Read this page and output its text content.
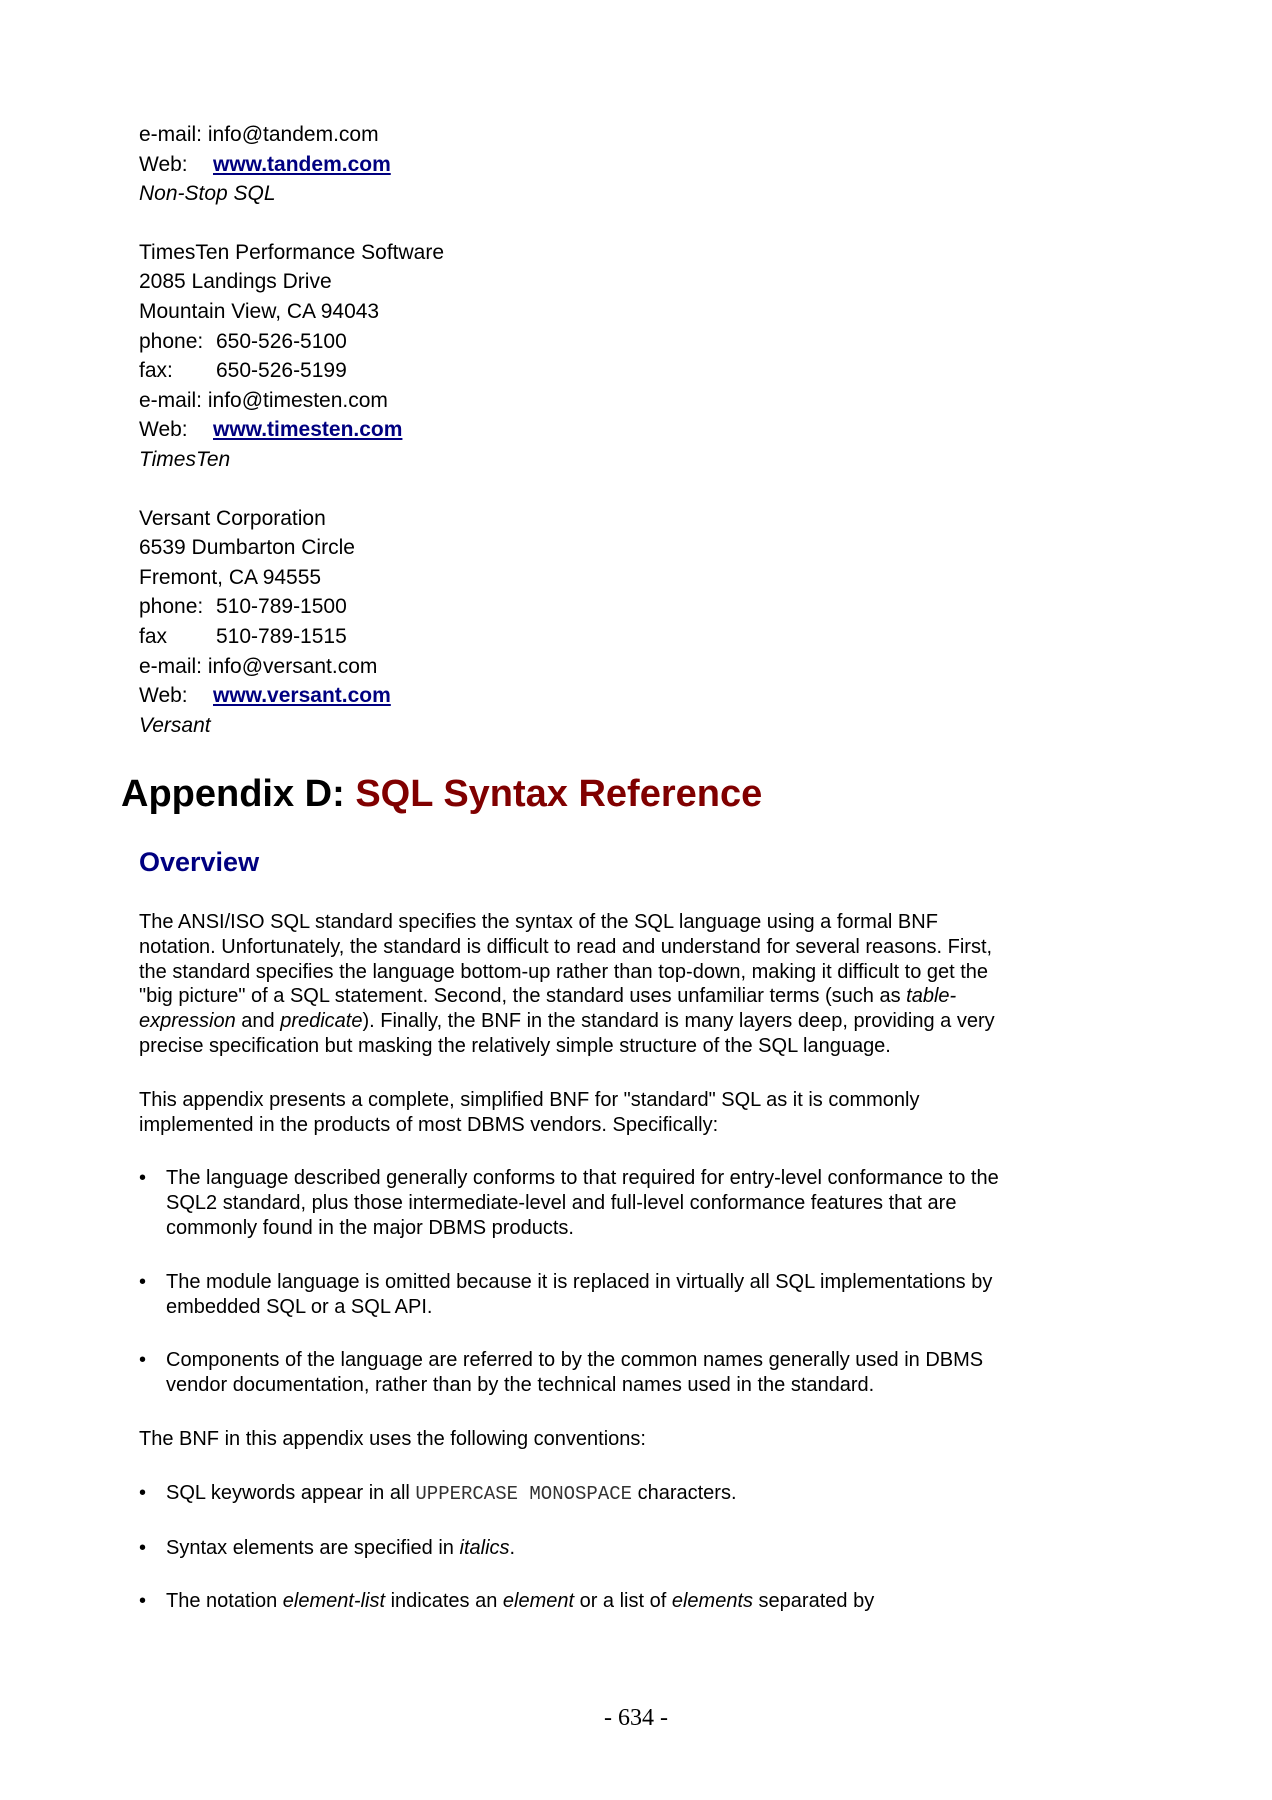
e-mail: info@tandem.com
Web: www.tandem.com
Non-Stop SQL
TimesTen Performance Software
2085 Landings Drive
Mountain View, CA 94043
phone: 650-526-5100
fax: 650-526-5199
e-mail: info@timesten.com
Web: www.timesten.com
TimesTen
Versant Corporation
6539 Dumbarton Circle
Fremont, CA 94555
phone: 510-789-1500
fax 510-789-1515
e-mail: info@versant.com
Web: www.versant.com
Versant
Appendix D: SQL Syntax Reference
Overview

The ANSI/ISO SQL standard specifies the syntax of the SQL language using a formal BNF notation. Unfortunately, the standard is difficult to read and understand for several reasons. First, the standard specifies the language bottom-up rather than top-down, making it difficult to get the "big picture" of a SQL statement. Second, the standard uses unfamiliar terms (such as table-expression and predicate). Finally, the BNF in the standard is many layers deep, providing a very precise specification but masking the relatively simple structure of the SQL language.

This appendix presents a complete, simplified BNF for "standard" SQL as it is commonly implemented in the products of most DBMS vendors. Specifically:

• The language described generally conforms to that required for entry-level conformance to the SQL2 standard, plus those intermediate-level and full-level conformance features that are commonly found in the major DBMS products.
• The module language is omitted because it is replaced in virtually all SQL implementations by embedded SQL or a SQL API.
• Components of the language are referred to by the common names generally used in DBMS vendor documentation, rather than by the technical names used in the standard.

The BNF in this appendix uses the following conventions:

• SQL keywords appear in all UPPERCASE MONOSPACE characters.
• Syntax elements are specified in italics.
• The notation element-list indicates an element or a list of elements separated by
- 634 -
